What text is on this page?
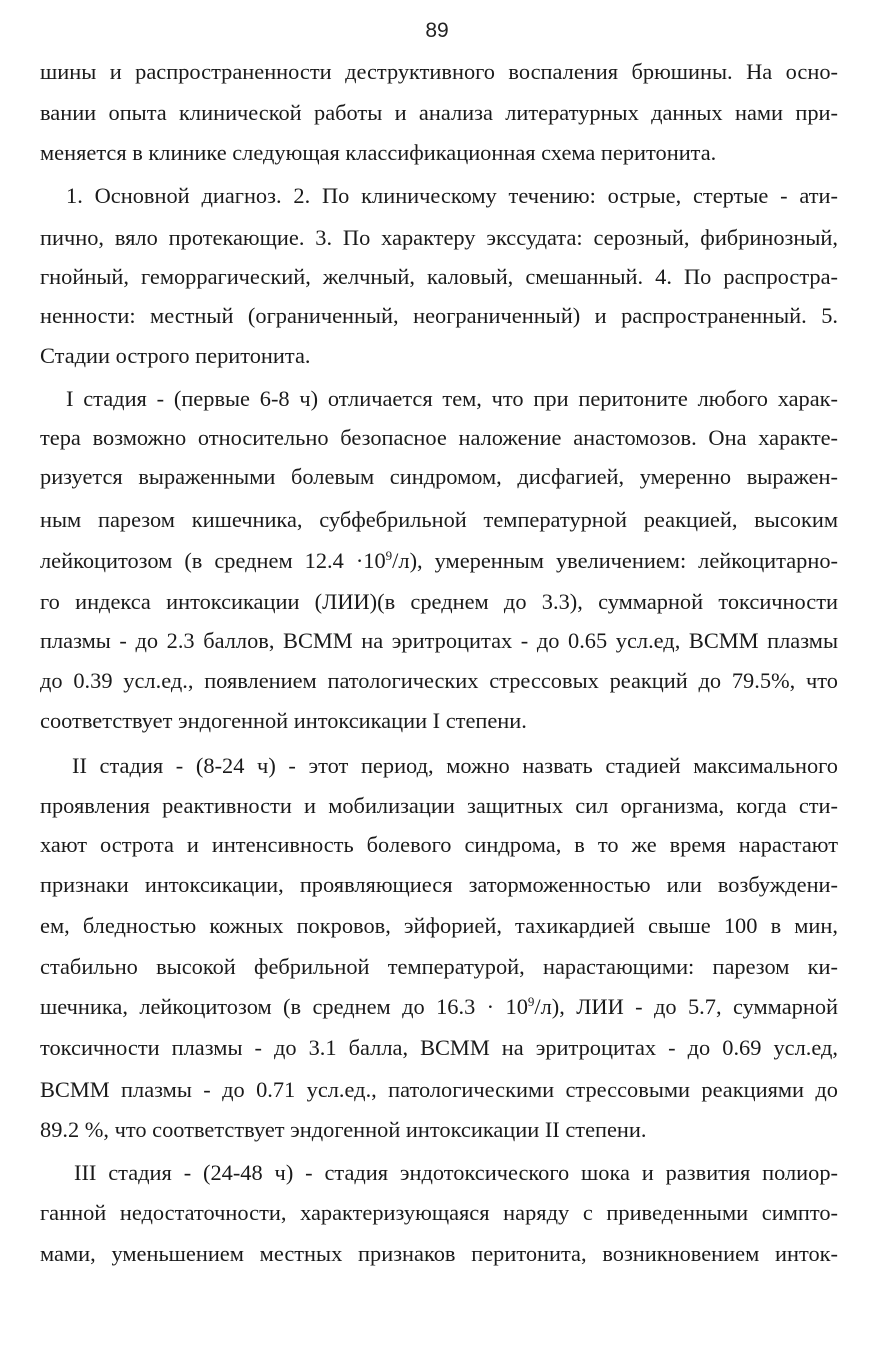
89
шины и распространенности деструктивного воспаления брюшины. На осно-
вании опыта клинической работы и анализа литературных данных нами при-
меняется в клинике следующая классификационная схема перитонита.
1. Основной диагноз. 2. По клиническому течению: острые, стертые - ати-
пично, вяло протекающие. 3. По характеру экссудата: серозный, фибринозный,
гнойный, геморрагический, желчный, каловый, смешанный. 4. По распростра-
ненности: местный (ограниченный, неограниченный) и распространенный. 5.
Стадии острого перитонита.
I стадия - (первые 6-8 ч) отличается тем, что при перитоните любого харак-
тера возможно относительно безопасное наложение анастомозов. Она характе-
ризуется выраженными болевым синдромом, дисфагией, умеренно выражен-
ным парезом кишечника, субфебрильной температурной реакцией, высоким
лейкоцитозом (в среднем $12.4 \cdot 10^9/л$), умеренным увеличением: лейкоцитарно-
го индекса интоксикации (ЛИИ)(в среднем до 3.3), суммарной токсичности
плазмы - до 2.3 баллов, ВСММ на эритроцитах - до 0.65 усл.ед, ВСММ плазмы
до 0.39 усл.ед., появлением патологических стрессовых реакций до 79.5%, что
соответствует эндогенной интоксикации I степени.
II стадия - (8-24 ч) - этот период, можно назвать стадией максимального
проявления реактивности и мобилизации защитных сил организма, когда сти-
хают острота и интенсивность болевого синдрома, в то же время нарастают
признаки интоксикации, проявляющиеся заторможенностью или возбуждени-
ем, бледностью кожных покровов, эйфорией, тахикардией свыше 100 в мин,
стабильно высокой фебрильной температурой, нарастающими: парезом ки-
шечника, лейкоцитозом (в среднем до $16.3 \cdot 10^9/л$), ЛИИ - до 5.7, суммарной
токсичности плазмы - до 3.1 балла, ВСММ на эритроцитах - до 0.69 усл.ед,
ВСММ плазмы - до 0.71 усл.ед., патологическими стрессовыми реакциями до
89.2 %, что соответствует эндогенной интоксикации II степени.
III стадия - (24-48 ч) - стадия эндотоксического шока и развития полиор-
ганной недостаточности, характеризующаяся наряду с приведенными симпто-
мами, уменьшением местных признаков перитонита, возникновением инток-
